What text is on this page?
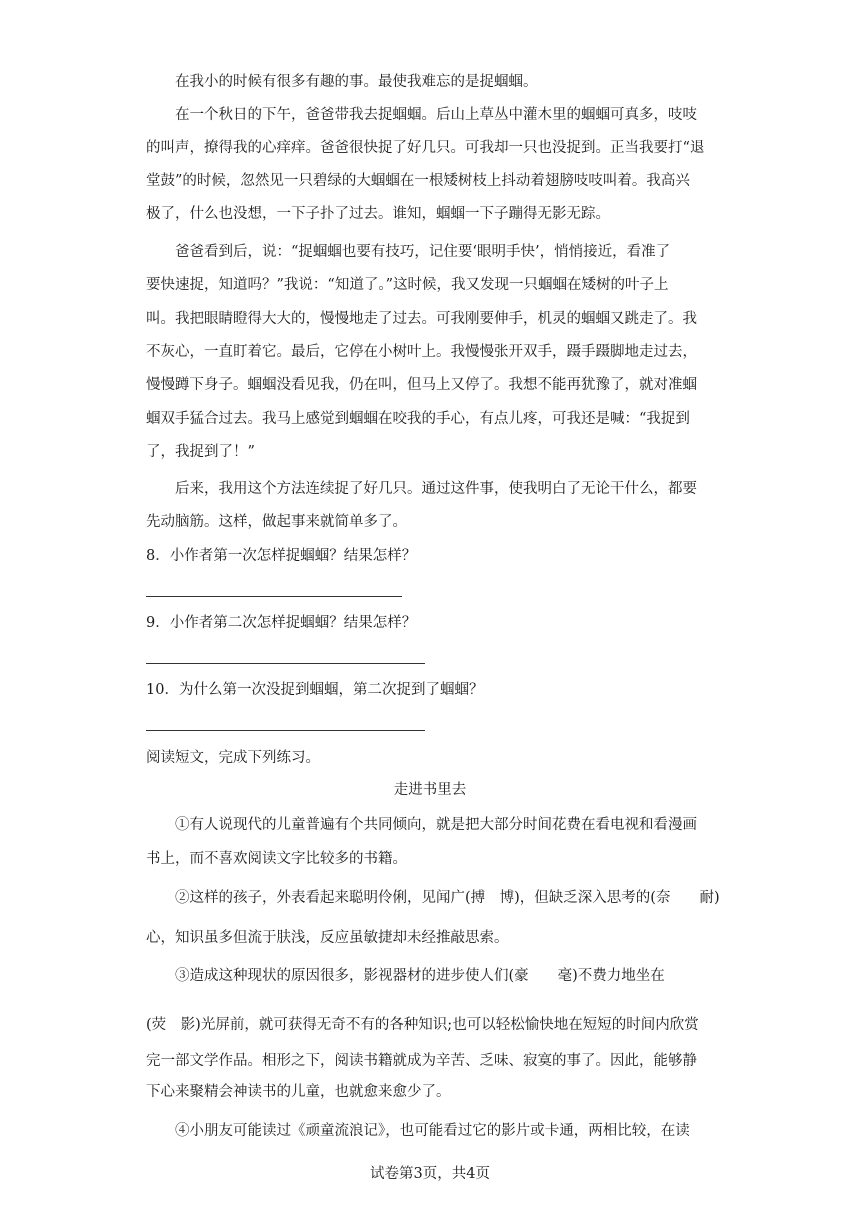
在我小的时候有很多有趣的事。最使我难忘的是捉蝈蝈。
在一个秋日的下午，爸爸带我去捉蝈蝈。后山上草丛中灌木里的蝈蝈可真多，吱吱
的叫声，撩得我的心痒痒。爸爸很快捉了好几只。可我却一只也没捉到。正当我要打“退
堂鼓”的时候，忽然见一只碧绿的大蝈蝈在一根矮树枝上抖动着翅膀吱吱叫着。我高兴
极了，什么也没想，一下子扑了过去。谁知，蝈蝈一下子蹦得无影无踪。
爸爸看到后，说：“捉蝈蝈也要有技巧，记住要‘眼明手快’，悄悄接近，看准了
要快速捉，知道吗？”我说：“知道了。”这时候，我又发现一只蝈蝈在矮树的叶子上
叫。我把眼睛瞪得大大的，慢慢地走了过去。可我刚要伸手，机灵的蝈蝈又跳走了。我
不灰心，一直盯着它。最后，它停在小树叶上。我慢慢张开双手，蹑手蹑脚地走过去，
慢慢蹲下身子。蝈蝈没看见我，仍在叫，但马上又停了。我想不能再犹豫了，就对准蝈
蝈双手猛合过去。我马上感觉到蝈蝈在咬我的手心，有点儿疼，可我还是喊：“我捉到
了，我捉到了！”
后来，我用这个方法连续捉了好几只。通过这件事，使我明白了无论干什么，都要
先动脑筋。这样，做起事来就简单多了。
8．小作者第一次怎样捉蝈蝈？结果怎样？
9．小作者第二次怎样捉蝈蝈？结果怎样？
10．为什么第一次没捉到蝈蝈，第二次捉到了蝈蝈？
阅读短文，完成下列练习。
走进书里去
①有人说现代的儿童普遍有个共同倾向，就是把大部分时间花费在看电视和看漫画
书上，而不喜欢阅读文字比较多的书籍。
②这样的孩子，外表看起来聪明伶俐，见闻广(搏　博)，但缺乏深入思考的(奈　　耐)
心，知识虽多但流于肤浅，反应虽敏捷却未经推敲思索。
③造成这种现状的原因很多，影视器材的进步使人们(豪　　毫)不费力地坐在
(荧　影)光屏前，就可获得无奇不有的各种知识;也可以轻松愉快地在短短的时间内欣赏
完一部文学作品。相形之下，阅读书籍就成为辛苦、乏味、寂寞的事了。因此，能够静
下心来聚精会神读书的儿童，也就愈来愈少了。
④小朋友可能读过《顽童流浪记》，也可能看过它的影片或卡通，两相比较，在读
试卷第3页，共4页
